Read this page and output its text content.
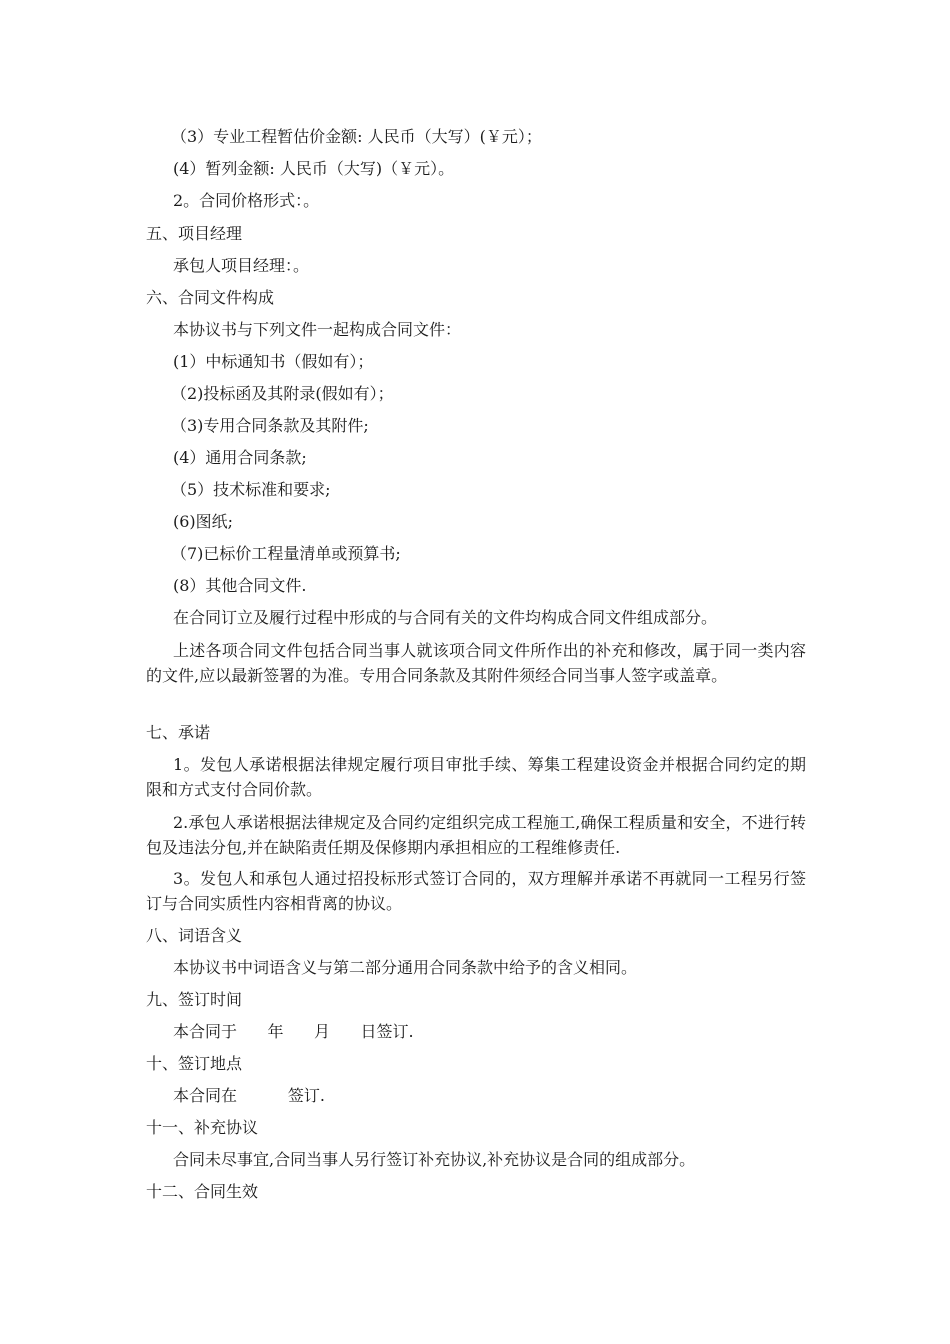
（3）专业工程暂估价金额: 人民币（大写）(￥元）；
(4）暂列金额: 人民币（大写)（￥元）。
2。合同价格形式：。
五、项目经理
承包人项目经理：。
六、合同文件构成
本协议书与下列文件一起构成合同文件：
(1）中标通知书（假如有）；
（2)投标函及其附录(假如有）；
（3)专用合同条款及其附件;
(4）通用合同条款;
（5）技术标准和要求;
(6)图纸;
（7)已标价工程量清单或预算书;
(8）其他合同文件.
在合同订立及履行过程中形成的与合同有关的文件均构成合同文件组成部分。
上述各项合同文件包括合同当事人就该项合同文件所作出的补充和修改，属于同一类内容的文件,应以最新签署的为准。专用合同条款及其附件须经合同当事人签字或盖章。
七、承诺
1。发包人承诺根据法律规定履行项目审批手续、筹集工程建设资金并根据合同约定的期限和方式支付合同价款。
2.承包人承诺根据法律规定及合同约定组织完成工程施工,确保工程质量和安全，不进行转包及违法分包,并在缺陷责任期及保修期内承担相应的工程维修责任.
3。发包人和承包人通过招投标形式签订合同的，双方理解并承诺不再就同一工程另行签订与合同实质性内容相背离的协议。
八、词语含义
本协议书中词语含义与第二部分通用合同条款中给予的含义相同。
九、签订时间
本合同于      年      月      日签订.
十、签订地点
本合同在          签订.
十一、补充协议
合同未尽事宜,合同当事人另行签订补充协议,补充协议是合同的组成部分。
十二、合同生效
